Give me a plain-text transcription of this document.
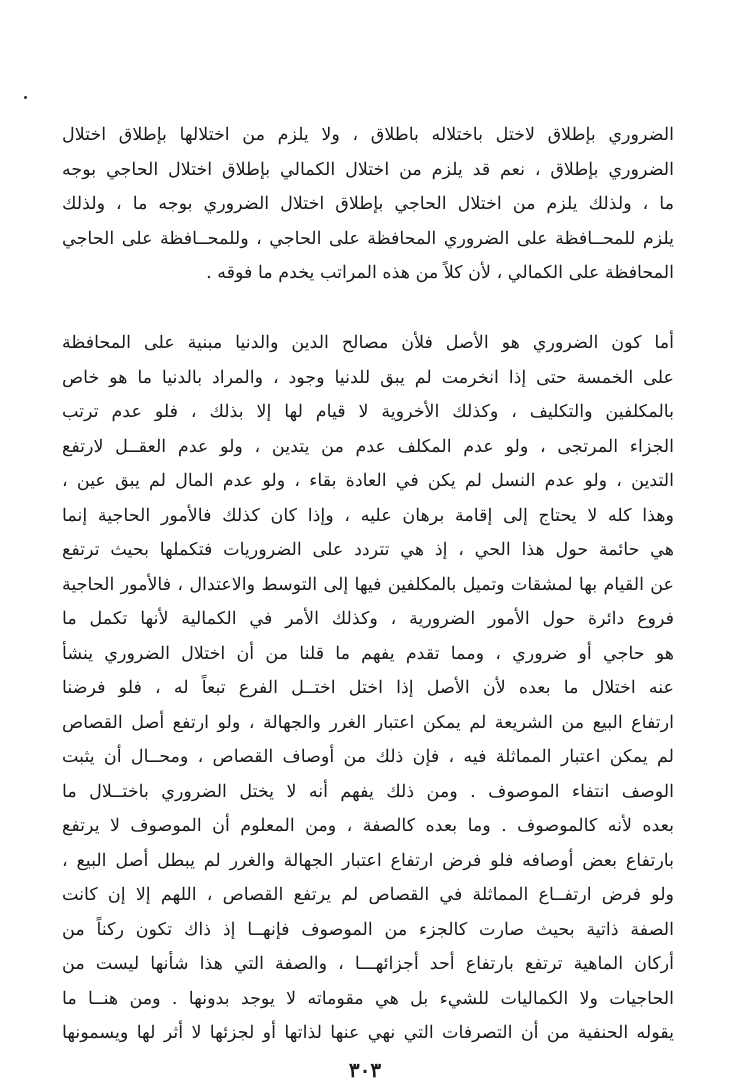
الضروري بإطلاق لاختل باختلاله باطلاق ، ولا يلزم من اختلالها بإطلاق اختلال
الضروري بإطلاق ، نعم قد يلزم من اختلال الكمالي بإطلاق اختلال الحاجي بوجه
ما ، ولذلك يلزم من اختلال الحاجي بإطلاق اختلال الضروري بوجه ما ، ولذلك
يلزم للمحــافظة على الضروري المحافظة على الحاجي ، وللمحــافظة على الحاجي
المحافظة على الكمالي ، لأن كلاً من هذه المراتب يخدم ما فوقه .
أما كون الضروري هو الأصل فلأن مصالح الدين والدنيا مبنية على المحافظة
على الخمسة حتى إذا انخرمت لم يبق للدنيا وجود ، والمراد بالدنيا ما هو خاص
بالمكلفين والتكليف ، وكذلك الأخروية لا قيام لها إلا بذلك ، فلو عدم ترتب
الجزاء المرتجى ، ولو عدم المكلف عدم من يتدين ، ولو عدم العقــل لارتفع
التدين ، ولو عدم النسل لم يكن في العادة بقاء ، ولو عدم المال لم يبق عين ،
وهذا كله لا يحتاج إلى إقامة برهان عليه ، وإذا كان كذلك فالأمور الحاجية إنما
هي حائمة حول هذا الحي ، إذ هي تتردد على الضروريات فتكملها بحيث ترتفع
عن القيام بها لمشقات وتميل بالمكلفين فيها إلى التوسط والاعتدال ، فالأمور الحاجية
فروع دائرة حول الأمور الضرورية ، وكذلك الأمر في الكمالية لأنها تكمل ما
هو حاجي أو ضروري ، ومما تقدم يفهم ما قلنا من أن اختلال الضروري ينشأ
عنه اختلال ما بعده لأن الأصل إذا اختل اختــل الفرع تبعاً له ، فلو فرضنا
ارتفاع البيع من الشريعة لم يمكن اعتبار الغرر والجهالة ، ولو ارتفع أصل القصاص
لم يمكن اعتبار المماثلة فيه ، فإن ذلك من أوصاف القصاص ، ومحــال أن يثبت
الوصف انتفاء الموصوف . ومن ذلك يفهم أنه لا يختل الضروري باختــلال ما
بعده لأنه كالموصوف . وما بعده كالصفة ، ومن المعلوم أن الموصوف لا يرتفع
بارتفاع بعض أوصافه فلو فرض ارتفاع اعتبار الجهالة والغرر لم يبطل أصل البيع ،
ولو فرض ارتفــاع المماثلة في القصاص لم يرتفع القصاص ، اللهم إلا إن كانت
الصفة ذاتية بحيث صارت كالجزء من الموصوف فإنهــا إذ ذاك تكون ركناً من
أركان الماهية ترتفع بارتفاع أحد أجزائهـــا ، والصفة التي هذا شأنها ليست من
الحاجيات ولا الكماليات للشيء بل هي مقوماته لا يوجد بدونها . ومن هنــا ما
يقوله الحنفية من أن التصرفات التي نهي عنها لذاتها أو لجزئها لا أثر لها ويسمونها
٣٠٣
